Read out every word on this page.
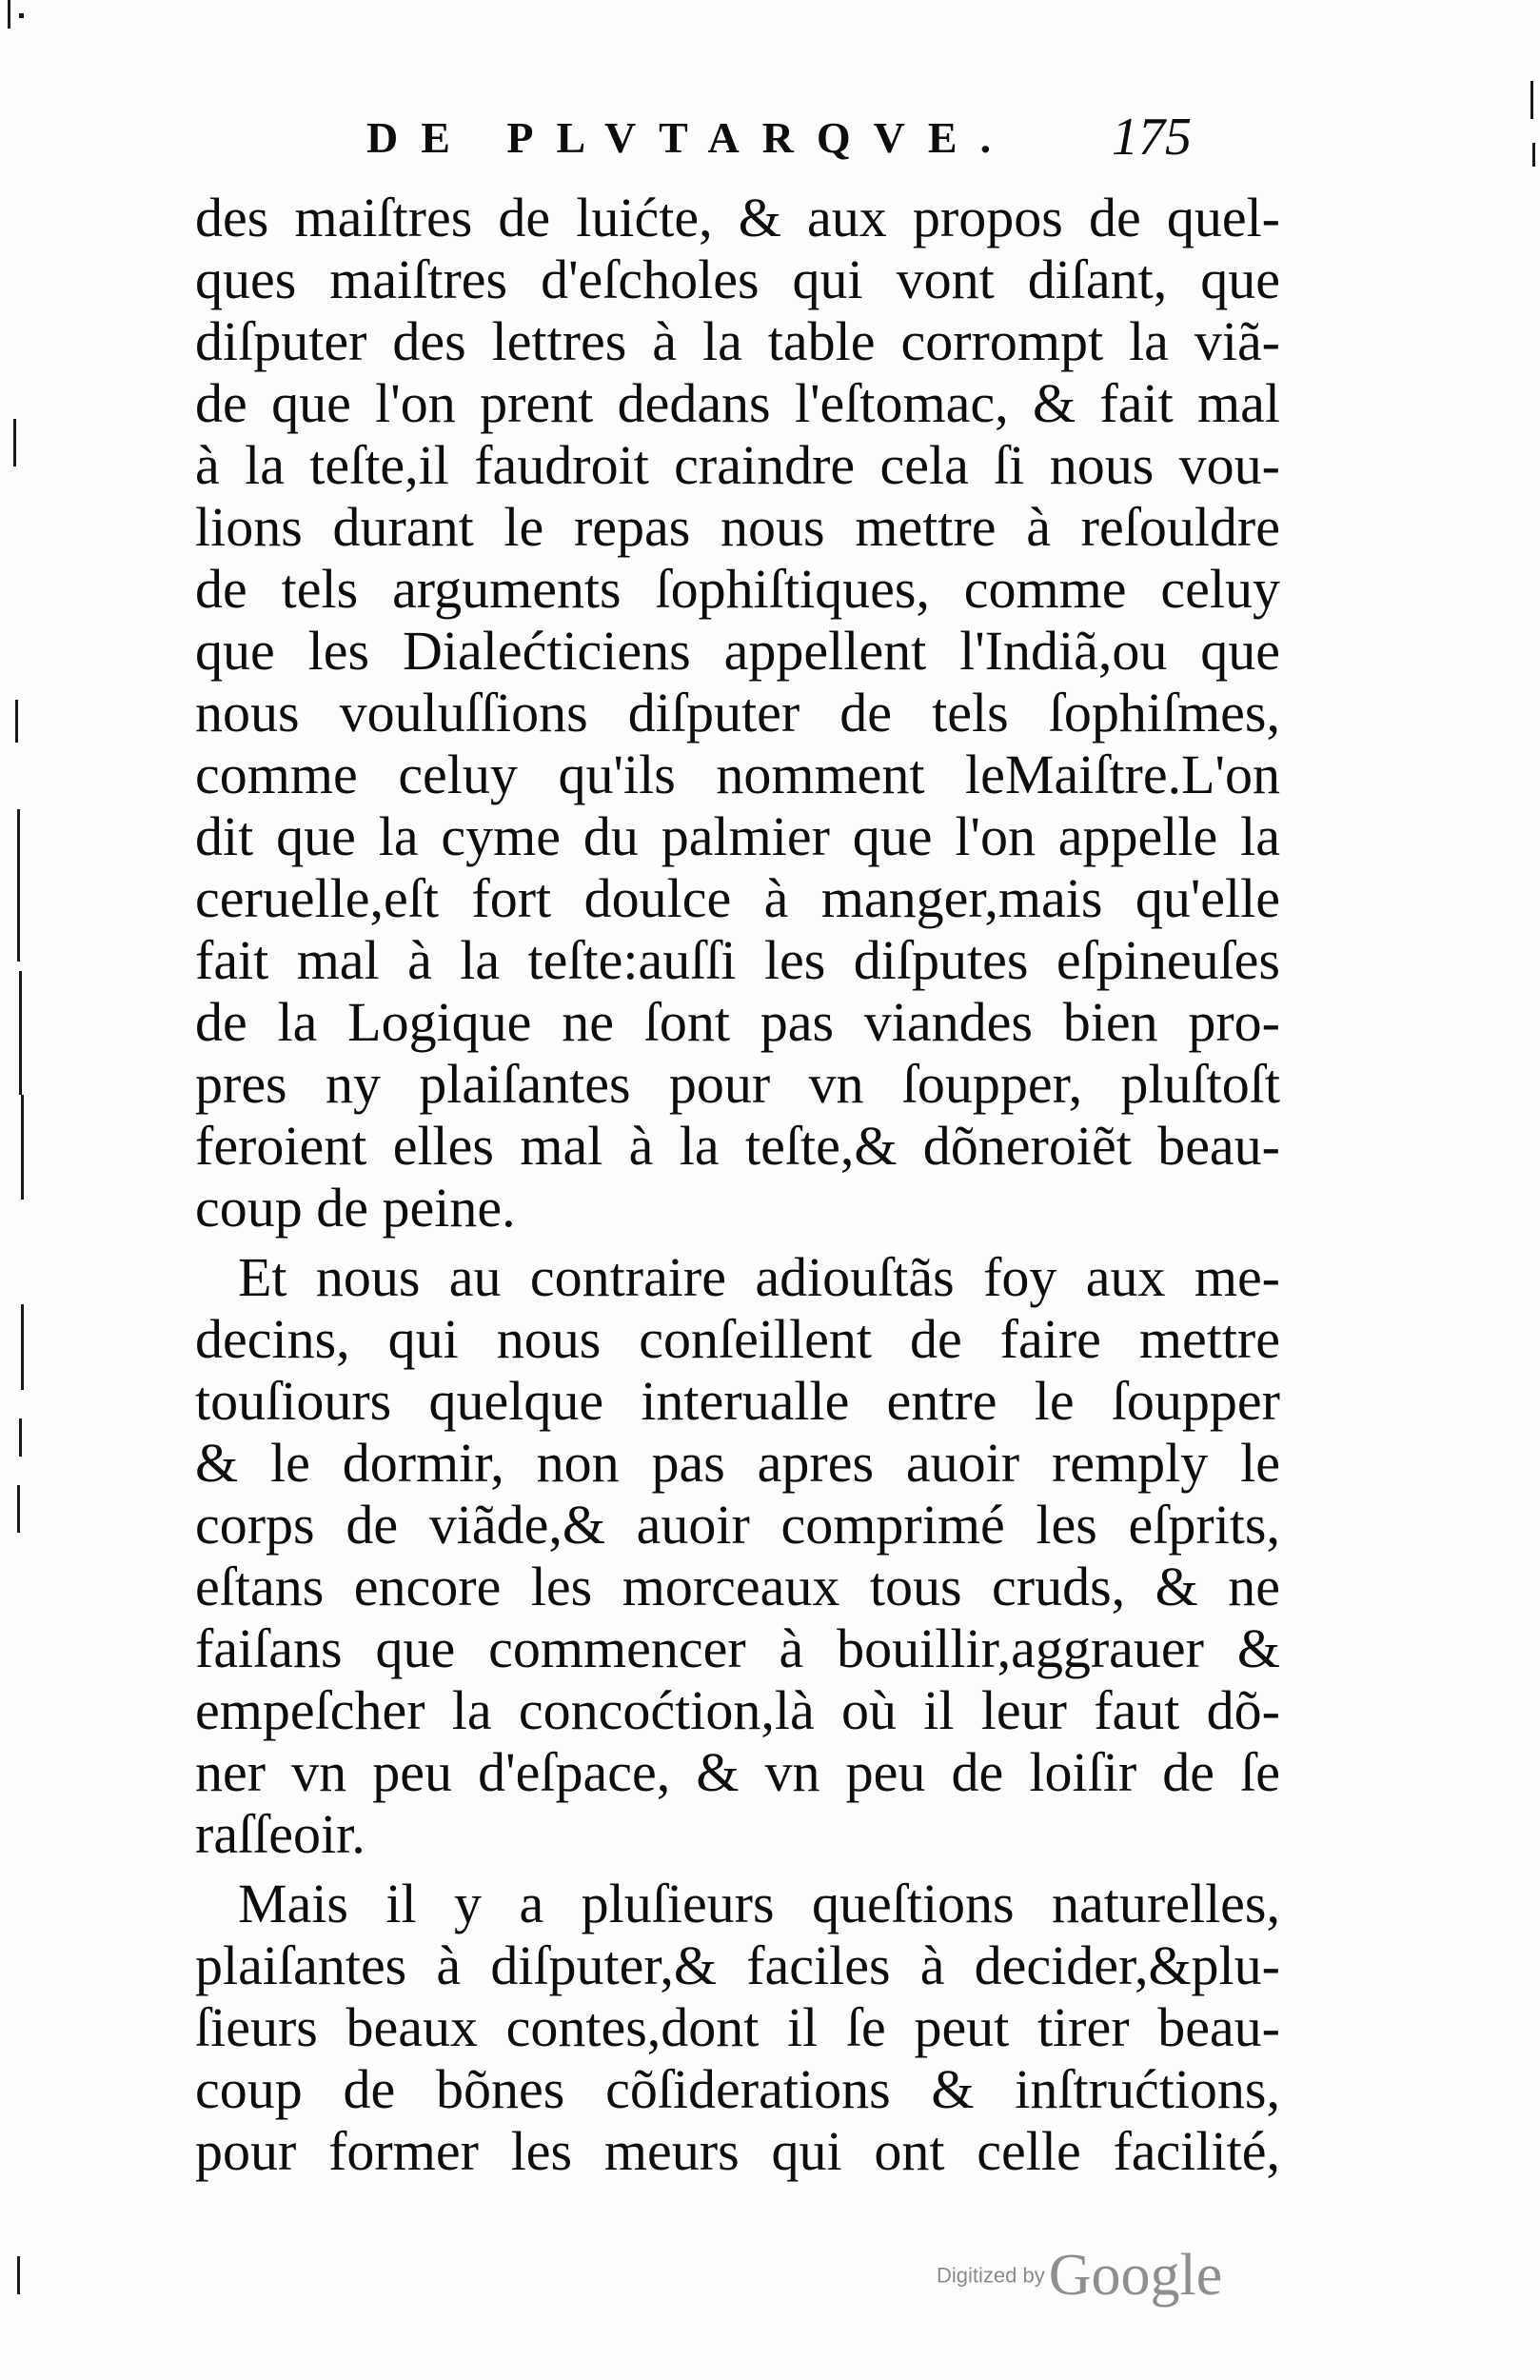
DE PLVTARQVE. 175
des maiſtres de luićte, & aux propos de quel-
ques maiſtres d'eſcholes qui vont diſant, que
diſputer des lettres à la table corrompt la viã-
de que l'on prent dedans l'eſtomac, & fait mal
à la teſte,il faudroit craindre cela ſi nous vou-
lions durant le repas nous mettre à reſouldre
de tels arguments ſophiſtiques, comme celuy
que les Dialećticiens appellent l'Indiã,ou que
nous vouluſſions diſputer de tels ſophiſmes,
comme celuy qu'ils nomment leMaiſtre.L'on
dit que la cyme du palmier que l'on appelle la
ceruelle,eſt fort doulce à manger,mais qu'elle
fait mal à la teſte:auſſi les diſputes eſpineuſes
de la Logique ne ſont pas viandes bien pro-
pres ny plaiſantes pour vn ſoupper, pluſtoſt
feroient elles mal à la teſte,& dõneroiẽt beau-
coup de peine.
Et nous au contraire adiouſtãs foy aux me-
decins, qui nous conſeillent de faire mettre
touſiours quelque interualle entre le ſoupper
& le dormir, non pas apres auoir remply le
corps de viãde,& auoir comprimé les eſprits,
eſtans encore les morceaux tous cruds, & ne
faiſans que commencer à bouillir,aggrauer &
empeſcher la concoćtion,là où il leur faut dõ-
ner vn peu d'eſpace, & vn peu de loiſir de ſe
raſſeoir.
Mais il y a pluſieurs queſtions naturelles,
plaiſantes à diſputer,& faciles à decider,&plu-
ſieurs beaux contes,dont il ſe peut tirer beau-
coup de bõnes cõſiderations & inſtrućtions,
pour former les meurs qui ont celle facilité,
Digitized by Google
